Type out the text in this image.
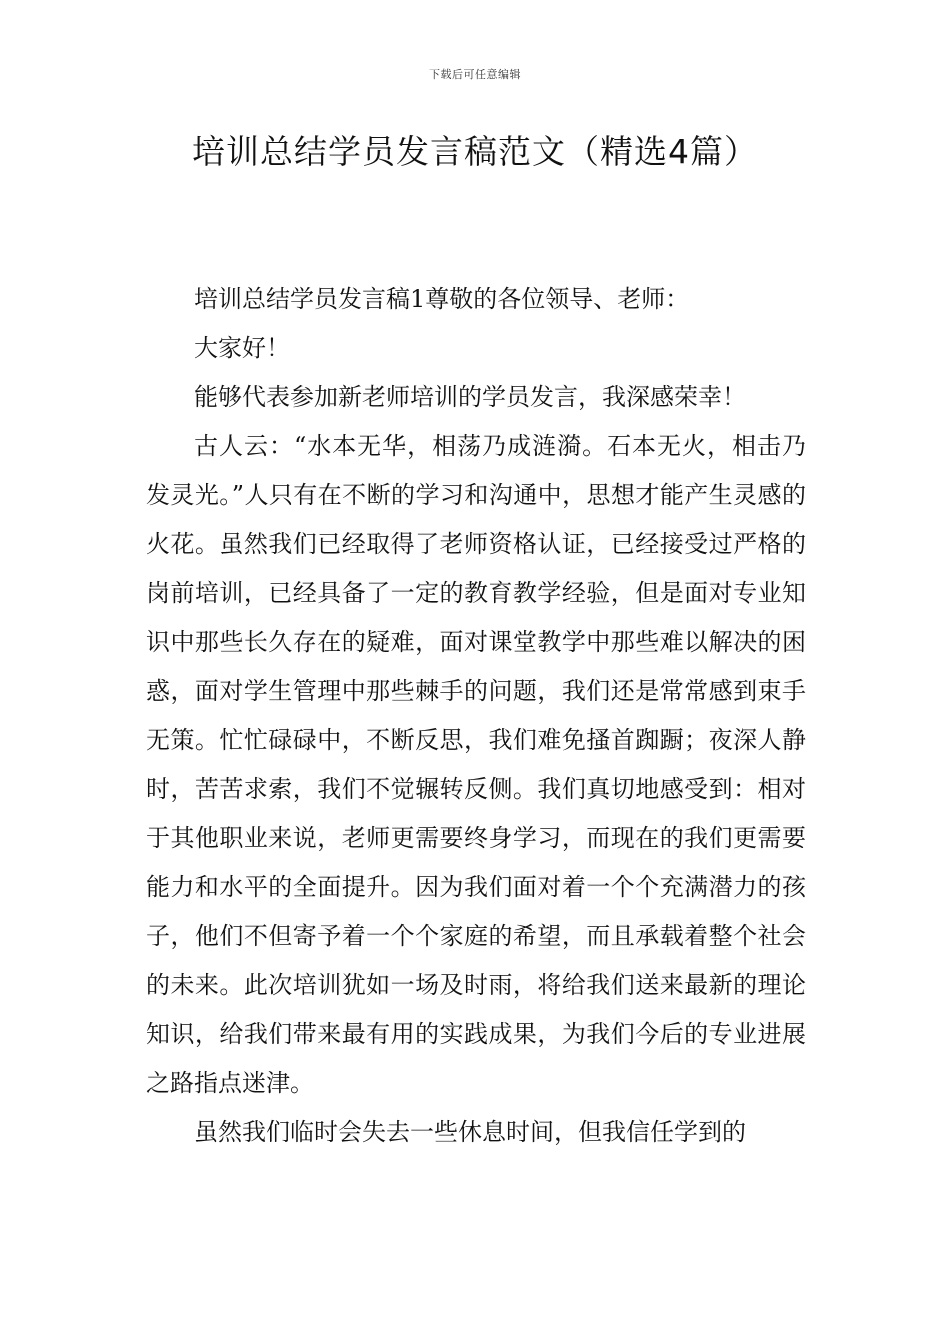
下载后可任意编辑
培训总结学员发言稿范文（精选4篇）

培训总结学员发言稿1尊敬的各位领导、老师：

大家好！

能够代表参加新老师培训的学员发言，我深感荣幸！

古人云：“水本无华，相荡乃成涟漪。石本无火，相击乃发灵光。”人只有在不断的学习和沟通中，思想才能产生灵感的火花。虽然我们已经取得了老师资格认证，已经接受过严格的岗前培训，已经具备了一定的教育教学经验，但是面对专业知识中那些长久存在的疑难，面对课堂教学中那些难以解决的困惑，面对学生管理中那些棘手的问题，我们还是常常感到束手无策。忙忙碌碌中，不断反思，我们难免搔首踟蹰；夜深人静时，苦苦求索，我们不觉辗转反侧。我们真切地感受到：相对于其他职业来说，老师更需要终身学习，而现在的我们更需要能力和水平的全面提升。因为我们面对着一个个充满潜力的孩子，他们不但寄予着一个个家庭的希望，而且承载着整个社会的未来。此次培训犹如一场及时雨，将给我们送来最新的理论知识，给我们带来最有用的实践成果，为我们今后的专业进展之路指点迷津。

虽然我们临时会失去一些休息时间，但我信任学到的
